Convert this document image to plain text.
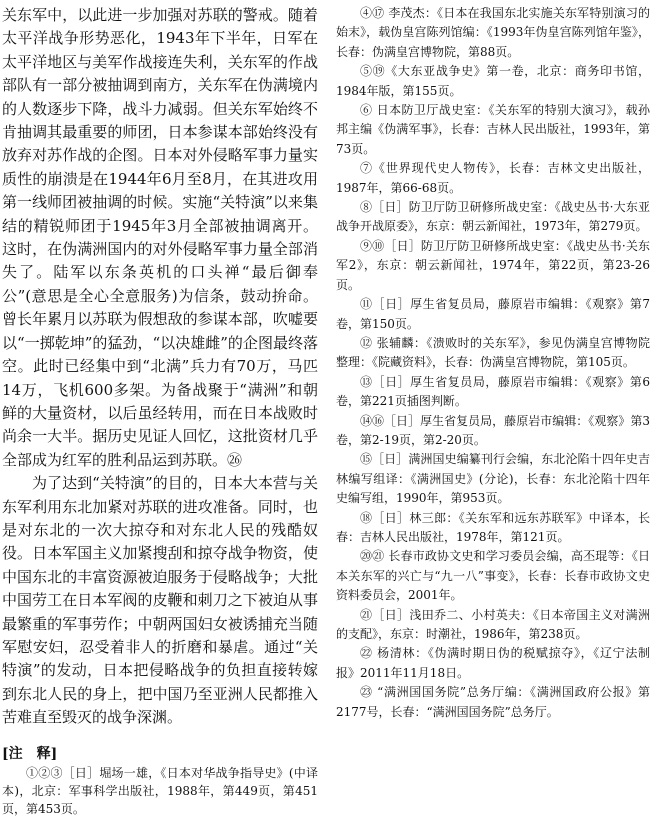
关东军中，以此进一步加强对苏联的警戒。随着太平洋战争形势恶化，1943年下半年，日军在太平洋地区与美军作战接连失利，关东军的作战部队有一部分被抽调到南方，关东军在伪满境内的人数逐步下降，战斗力减弱。但关东军始终不肯抽调其最重要的师团，日本参谋本部始终没有放弃对苏作战的企图。日本对外侵略军事力量实质性的崩溃是在1944年6月至8月，在其进攻用第一线师团被抽调的时候。实施“关特演”以来集结的精锐师团于1945年3月全部被抽调离开。这时，在伪满洲国内的对外侵略军事力量全部消失了。陆军以东条英机的口头禅“最后御奉公”(意思是全心全意服务)为信条，鼓动拚命。曾长年累月以苏联为假想敌的参谋本部，吹嘘要以“一掷乾坤”的猛劲，“以决雄雌”的企图最终落空。此时已经集中到“北满”兵力有70万，马匹14万，飞机600多架。为备战聚于“满洲”和朝鲜的大量资材，以后虽经转用，而在日本战败时尚余一大半。据历史见证人回忆，这批资材几乎全部成为红军的胜利品运到苏联。㉖

为了达到“关特演”的目的，日本大本营与关东军利用东北加紧对苏联的进攻准备。同时，也是对东北的一次大掠夺和对东北人民的残酷奴役。日本军国主义加紧搜刮和掠夺战争物资，使中国东北的丰富资源被迫服务于侵略战争；大批中国劳工在日本军阀的皮鞭和刺刀之下被迫从事最繁重的军事劳作；中朝两国妇女被诱捕充当随军慰安妇，忍受着非人的折磨和暴虐。通过“关特演”的发动，日本把侵略战争的负担直接转嫁到东北人民的身上，把中国乃至亚洲人民都推入苦难直至毁灭的战争深渊。

[注　释]

①②③［日］堀场一雄，《日本对华战争指导史》(中译本)，北京：军事科学出版社，1988年，第449页，第451页，第453页。

④⑰ 李茂杰：《日本在我国东北实施关东军特别演习的始末》，载伪皇宫陈列馆编：《1993年伪皇宫陈列馆年鉴》，长春：伪满皇宫博物院，第88页。

⑤⑲《大东亚战争史》第一卷，北京：商务印书馆，1984年版，第155页。

⑥ 日本防卫厅战史室：《关东军的特别大演习》，载孙邦主编《伪满军事》，长春：吉林人民出版社，1993年，第73页。

⑦《世界现代史人物传》，长春：吉林文史出版社，1987年，第66-68页。

⑧［日］防卫厅防卫研修所战史室：《战史丛书·大东亚战争开战原委》，东京：朝云新闻社，1973年，第279页。

⑨⑩［日］防卫厅防卫研修所战史室：《战史丛书·关东军2》，东京：朝云新闻社，1974年，第22页，第23-26页。

⑪［日］厚生省复员局，藤原岩市编辑：《观察》第7卷，第150页。

⑫ 张辅麟：《溃败时的关东军》，参见伪满皇宫博物院整理：《院藏资料》，长春：伪满皇宫博物院，第105页。

⑬［日］厚生省复员局，藤原岩市编辑：《观察》第6卷，第221页插图判断。

⑭⑯［日］厚生省复员局，藤原岩市编辑：《观察》第3卷，第2-19页，第2-20页。

⑮［日］满洲国史编纂刊行会编，东北沦陷十四年史吉林编写组译：《满洲国史》(分论)，长春：东北沦陷十四年史编写组，1990年，第953页。

⑱［日］林三郎：《关东军和远东苏联军》中译本，长春：吉林人民出版社，1978年，第121页。

⑳㉑ 长春市政协文史和学习委员会编，高丕琨等：《日本关东军的兴亡与“九一八”事变》，长春：长春市政协文史资料委员会，2001年。

㉑［日］浅田乔二、小村英夫：《日本帝国主义对满洲的支配》，东京：时潮社，1986年，第238页。

㉒ 杨清林：《伪满时期日伪的税赋掠夺》，《辽宁法制报》2011年11月18日。

㉓ “满洲国国务院”总务厅编：《满洲国政府公报》第2177号，长春：“满洲国国务院”总务厅。
